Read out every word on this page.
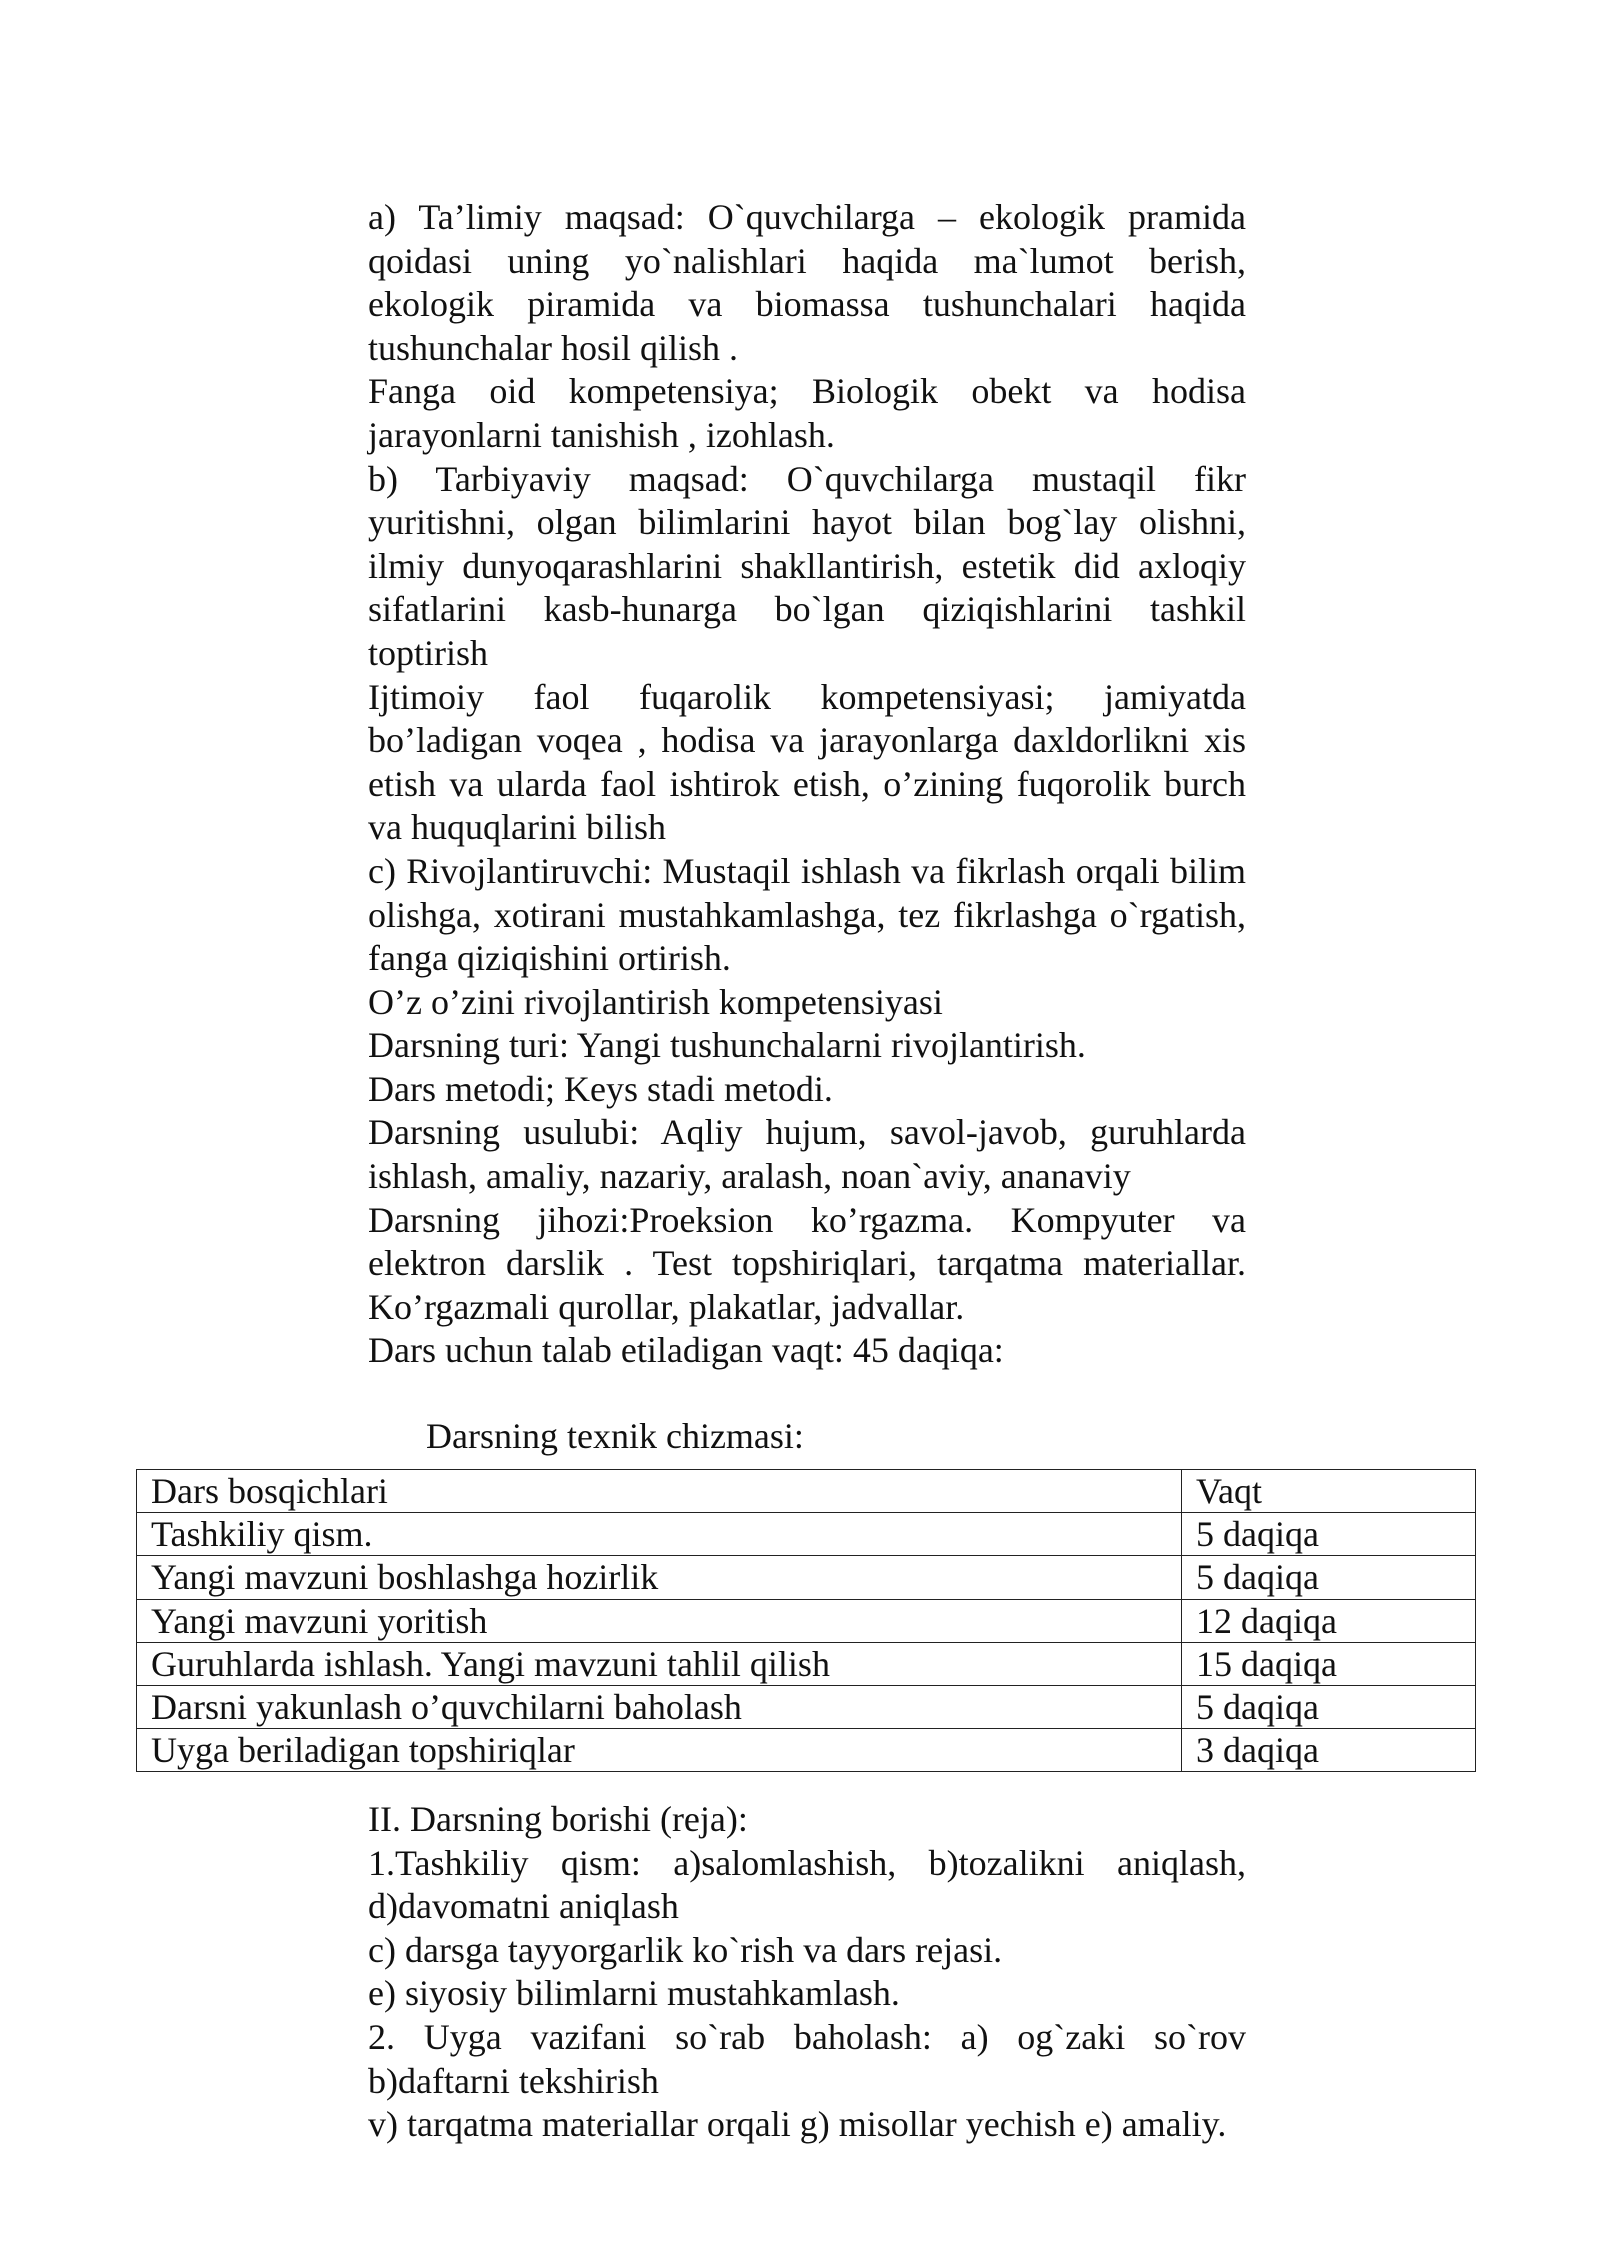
a) Ta’limiy maqsad: O`quvchilarga – ekologik pramida qoidasi uning yo`nalishlari haqida ma`lumot berish, ekologik piramida va biomassa tushunchalari haqida tushunchalar hosil qilish .

Fanga oid kompetensiya; Biologik obekt va hodisa jarayonlarni tanishish , izohlash.

b) Tarbiyaviy maqsad: O`quvchilarga mustaqil fikr yuritishni, olgan bilimlarini hayot bilan bog`lay olishni, ilmiy dunyoqarashlarini shakllantirish, estetik did axloqiy sifatlarini kasb-hunarga bo`lgan qiziqishlarini tashkil toptirish

Ijtimoiy faol fuqarolik kompetensiyasi; jamiyatda bo’ladigan voqea , hodisa va jarayonlarga daxldorlikni xis etish va ularda faol ishtirok etish, o’zining fuqorolik burch va huquqlarini bilish

c) Rivojlantiruvchi: Mustaqil ishlash va fikrlash orqali bilim olishga, xotirani mustahkamlashga, tez fikrlashga o`rgatish, fanga qiziqishini ortirish.

O’z o’zini rivojlantirish kompetensiyasi

Darsning turi: Yangi tushunchalarni rivojlantirish.

Dars metodi; Keys stadi metodi.

Darsning usulubi: Aqliy hujum, savol-javob, guruhlarda ishlash, amaliy, nazariy, aralash, noan`aviy, ananaviy

Darsning jihozi:Proeksion ko’rgazma. Kompyuter va elektron darslik . Test topshiriqlari, tarqatma materiallar. Ko’rgazmali qurollar, plakatlar, jadvallar.

Dars uchun talab etiladigan vaqt: 45 daqiqa:

Darsning texnik chizmasi:
Dars bosqichlari	Vaqt
Tashkiliy qism.	5 daqiqa
Yangi mavzuni boshlashga hozirlik	5 daqiqa
Yangi mavzuni yoritish	12 daqiqa
Guruhlarda ishlash. Yangi mavzuni tahlil qilish	15 daqiqa
Darsni yakunlash o’quvchilarni baholash	5 daqiqa
Uyga beriladigan topshiriqlar	3 daqiqa

II. Darsning borishi (reja):

1.Tashkiliy qism: a)salomlashish, b)tozalikni aniqlash, d)davomatni aniqlash

c) darsga tayyorgarlik ko`rish va dars rejasi.

e) siyosiy bilimlarni mustahkamlash.

2. Uyga vazifani so`rab baholash: a) og`zaki so`rov b)daftarni tekshirish

v) tarqatma materiallar orqali g) misollar yechish e) amaliy.
